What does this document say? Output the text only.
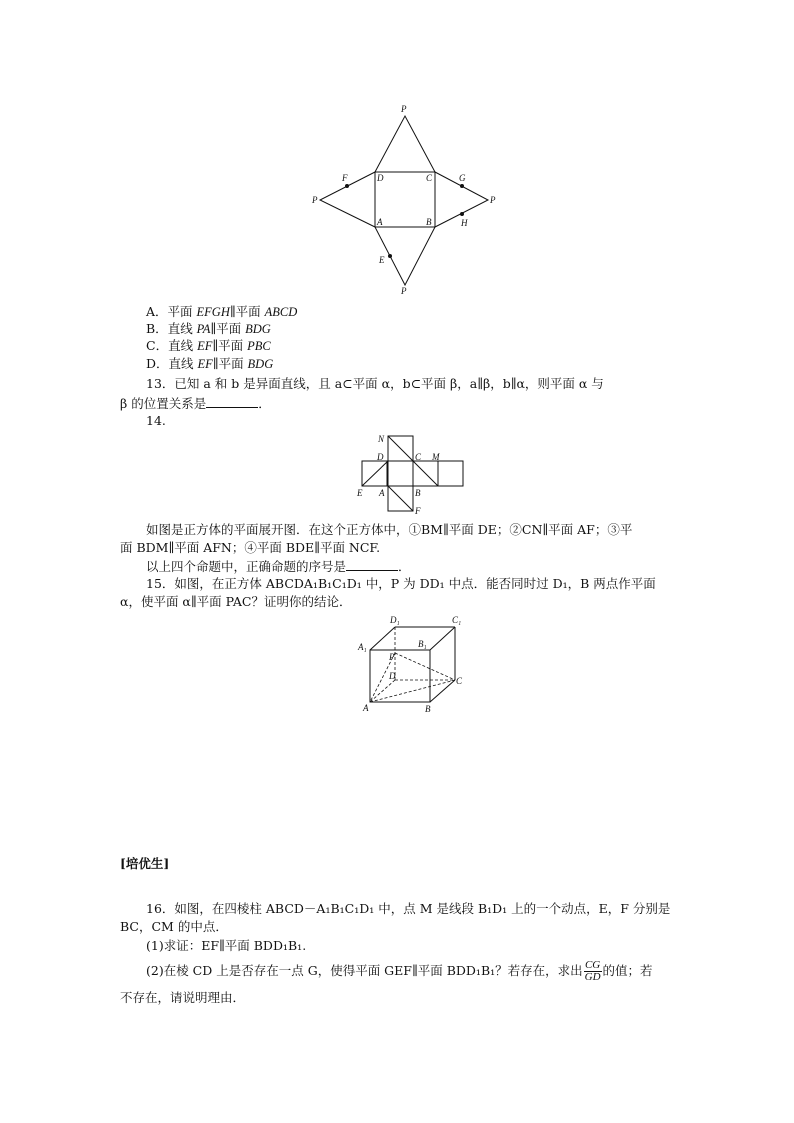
P
P	P
P
D	C
A	B
F	G
H
E
A．平面 EFGH∥平面 ABCD
B．直线 PA∥平面 BDG
C．直线 EF∥平面 PBC
D．直线 EF∥平面 BDG
13．已知 a 和 b 是异面直线，且 a⊂平面 α，b⊂平面 β，a∥β，b∥α，则平面 α 与
β 的位置关系是	．
14.
N
D	C M
E A	B
F
如图是正方体的平面展开图．在这个正方体中，①BM∥平面 DE；②CN∥平面 AF；③平
面 BDM∥平面 AFN；④平面 BDE∥平面 NCF.
以上四个命题中，正确命题的序号是	．
15．如图，在正方体 ABCDA₁B₁C₁D₁ 中，P 为 DD₁ 中点．能否同时过 D₁，B 两点作平面
α，使平面 α∥平面 PAC？证明你的结论．
D₁	C₁
A₁	B₁
P
D	C
A	B
[培优生]
16．如图，在四棱柱 ABCD－A₁B₁C₁D₁ 中，点 M 是线段 B₁D₁ 上的一个动点，E，F 分别是
BC，CM 的中点．
(1)求证：EF∥平面 BDD₁B₁.
(2)在棱 CD 上是否存在一点 G，使得平面 GEF∥平面 BDD₁B₁？若存在，求出 $\frac{CG}{GD}$ 的值；若
不存在，请说明理由．
